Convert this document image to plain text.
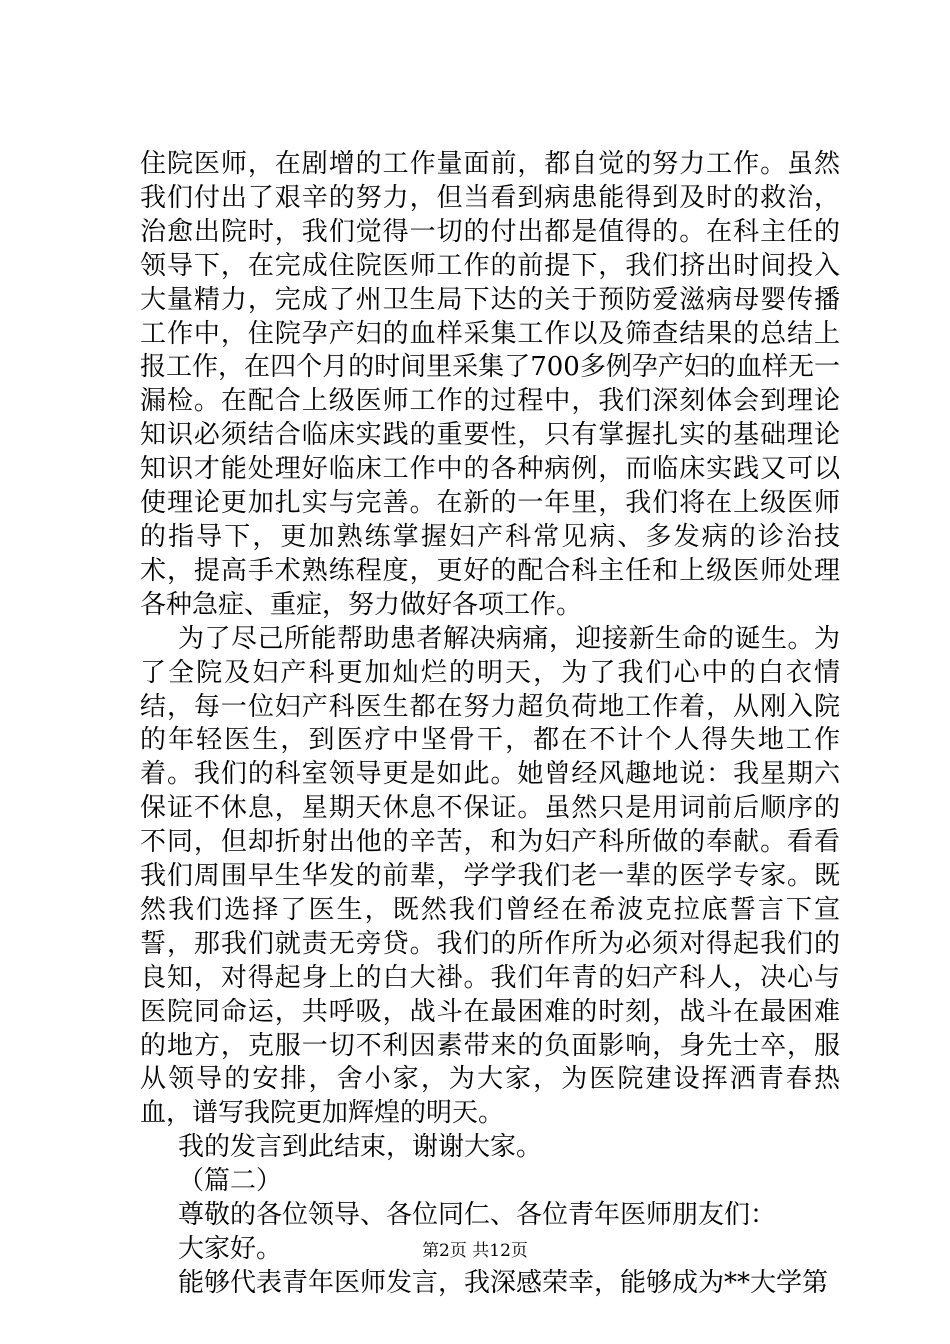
住院医师，在剧增的工作量面前，都自觉的努力工作。虽然我们付出了艰辛的努力，但当看到病患能得到及时的救治，治愈出院时，我们觉得一切的付出都是值得的。在科主任的领导下，在完成住院医师工作的前提下，我们挤出时间投入大量精力，完成了州卫生局下达的关于预防爱滋病母婴传播工作中，住院孕产妇的血样采集工作以及筛查结果的总结上报工作，在四个月的时间里采集了700多例孕产妇的血样无一漏检。在配合上级医师工作的过程中，我们深刻体会到理论知识必须结合临床实践的重要性，只有掌握扎实的基础理论知识才能处理好临床工作中的各种病例，而临床实践又可以使理论更加扎实与完善。在新的一年里，我们将在上级医师的指导下，更加熟练掌握妇产科常见病、多发病的诊治技术，提高手术熟练程度，更好的配合科主任和上级医师处理各种急症、重症，努力做好各项工作。

为了尽己所能帮助患者解决病痛，迎接新生命的诞生。为了全院及妇产科更加灿烂的明天，为了我们心中的白衣情结，每一位妇产科医生都在努力超负荷地工作着，从刚入院的年轻医生，到医疗中坚骨干，都在不计个人得失地工作着。我们的科室领导更是如此。她曾经风趣地说：我星期六保证不休息，星期天休息不保证。虽然只是用词前后顺序的不同，但却折射出他的辛苦，和为妇产科所做的奉献。看看我们周围早生华发的前辈，学学我们老一辈的医学专家。既然我们选择了医生，既然我们曾经在希波克拉底誓言下宣誓，那我们就责无旁贷。我们的所作所为必须对得起我们的良知，对得起身上的白大褂。我们年青的妇产科人，决心与医院同命运，共呼吸，战斗在最困难的时刻，战斗在最困难的地方，克服一切不利因素带来的负面影响，身先士卒，服从领导的安排，舍小家，为大家，为医院建设挥洒青春热血，谱写我院更加辉煌的明天。

我的发言到此结束，谢谢大家。

（篇二）

尊敬的各位领导、各位同仁、各位青年医师朋友们：

大家好。

能够代表青年医师发言，我深感荣幸，能够成为**大学第

第2页 共12页
